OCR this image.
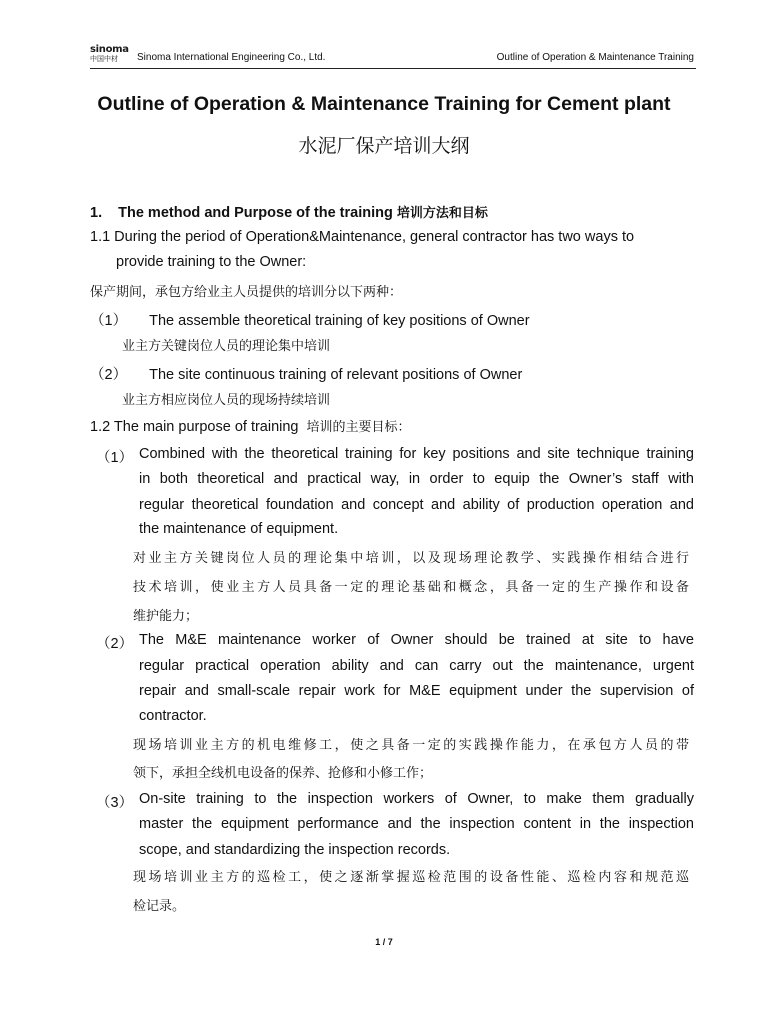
sinoma
中国中材	Sinoma International Engineering Co., Ltd.	Outline of Operation & Maintenance Training
Outline of Operation & Maintenance Training for Cement plant
水泥厂保产培训大纲
1. The method and Purpose of the training 培训方法和目标
1.1 During the period of Operation&Maintenance, general contractor has two ways to
provide training to the Owner:
保产期间，承包方给业主人员提供的培训分以下两种：
（1） The assemble theoretical training of key positions of Owner
业主方关键岗位人员的理论集中培训
（2） The site continuous training of relevant positions of Owner
业主方相应岗位人员的现场持续培训
1.2 The main purpose of training 培训的主要目标：
（1） Combined with the theoretical training for key positions and site technique training
in both theoretical and practical way, in order to equip the Owner’s staff with
regular theoretical foundation and concept and ability of production operation and
the maintenance of equipment.
对业主方关键岗位人员的理论集中培训，以及现场理论教学、实践操作相结合进行
技术培训，使业主方人员具备一定的理论基础和概念，具备一定的生产操作和设备
维护能力；
（2） The M&E maintenance worker of Owner should be trained at site to have
regular practical operation ability and can carry out the maintenance, urgent
repair and small-scale repair work for M&E equipment under the supervision of
contractor.
现场培训业主方的机电维修工，使之具备一定的实践操作能力，在承包方人员的带
领下，承担全线机电设备的保养、抢修和小修工作；
（3） On-site training to the inspection workers of Owner, to make them gradually
master the equipment performance and the inspection content in the inspection
scope, and standardizing the inspection records.
现场培训业主方的巡检工，使之逐渐掌握巡检范围的设备性能、巡检内容和规范巡
检记录。
1 / 7
